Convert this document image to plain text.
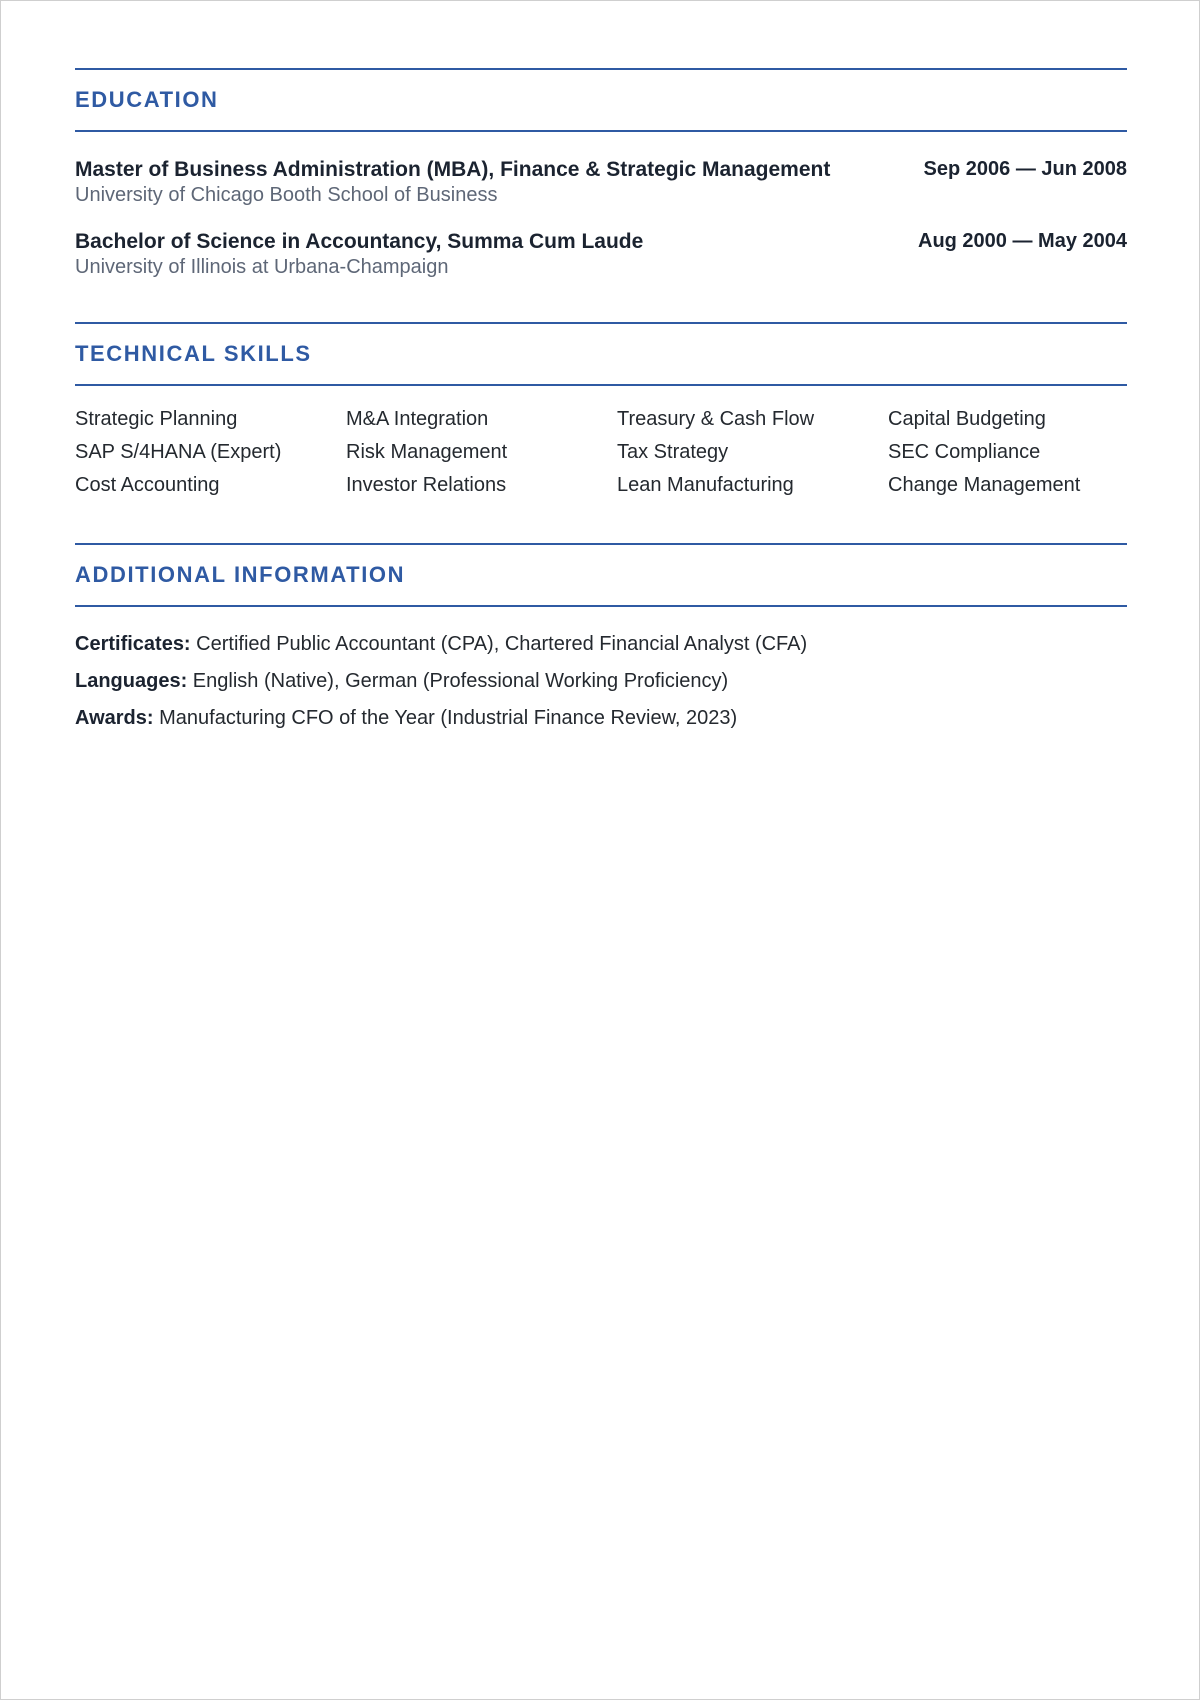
EDUCATION
Master of Business Administration (MBA), Finance & Strategic Management	Sep 2006 — Jun 2008
University of Chicago Booth School of Business
Bachelor of Science in Accountancy, Summa Cum Laude	Aug 2000 — May 2004
University of Illinois at Urbana-Champaign
TECHNICAL SKILLS
Strategic Planning	M&A Integration	Treasury & Cash Flow	Capital Budgeting
SAP S/4HANA (Expert)	Risk Management	Tax Strategy	SEC Compliance
Cost Accounting	Investor Relations	Lean Manufacturing	Change Management
ADDITIONAL INFORMATION
Certificates: Certified Public Accountant (CPA), Chartered Financial Analyst (CFA)
Languages: English (Native), German (Professional Working Proficiency)
Awards: Manufacturing CFO of the Year (Industrial Finance Review, 2023)
